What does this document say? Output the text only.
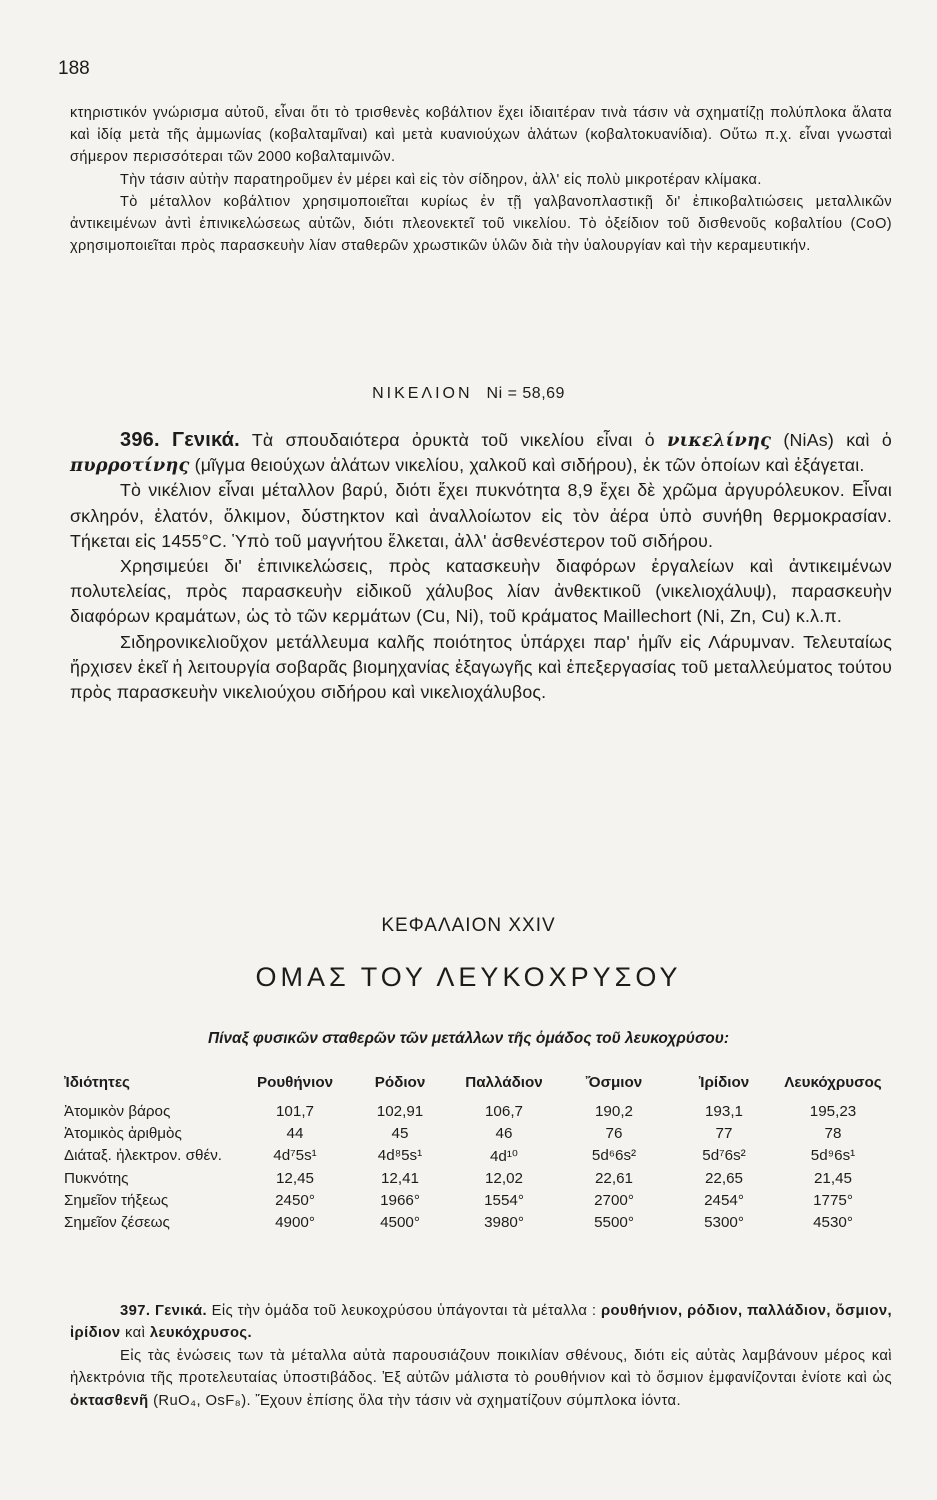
188

κτηριστικόν γνώρισμα αὐτοῦ, εἶναι ὅτι τὸ τρισθενὲς κοβάλτιον ἔχει ἰδιαιτέραν τινὰ τάσιν νὰ σχηματίζῃ πολύπλοκα ἅλατα καὶ ἰδίᾳ μετὰ τῆς ἀμμωνίας (κοβαλταμῖναι) καὶ μετὰ κυανιούχων ἁλάτων (κοβαλτοκυανίδια). Οὕτω π.χ. εἶναι γνωσταὶ σήμερον περισσότεραι τῶν 2000 κοβαλταμινῶν.

Τὴν τάσιν αὐτὴν παρατηροῦμεν ἐν μέρει καὶ εἰς τὸν σίδηρον, ἀλλ' εἰς πολὺ μικροτέραν κλίμακα.

Τὸ μέταλλον κοβάλτιον χρησιμοποιεῖται κυρίως ἐν τῇ γαλβανοπλαστικῇ δι' ἐπικοβαλτιώσεις μεταλλικῶν ἀντικειμένων ἀντὶ ἐπινικελώσεως αὐτῶν, διότι πλεονεκτεῖ τοῦ νικελίου. Τὸ ὀξείδιον τοῦ δισθενοῦς κοβαλτίου (CoO) χρησιμοποιεῖται πρὸς παρασκευὴν λίαν σταθερῶν χρωστικῶν ὑλῶν διὰ τὴν ὑαλουργίαν καὶ τὴν κεραμευτικήν.

ΝΙΚΕΛΙΟΝ Ni = 58,69

396. Γενικά. Τὰ σπουδαιότερα ὀρυκτὰ τοῦ νικελίου εἶναι ὁ νικελίνης (NiAs) καὶ ὁ πυρροτίνης (μῖγμα θειούχων ἁλάτων νικελίου, χαλκοῦ καὶ σιδήρου), ἐκ τῶν ὁποίων καὶ ἐξάγεται.

Τὸ νικέλιον εἶναι μέταλλον βαρύ, διότι ἔχει πυκνότητα 8,9 ἔχει δὲ χρῶμα ἀργυρόλευκον. Εἶναι σκληρόν, ἐλατόν, ὅλκιμον, δύστηκτον καὶ ἀναλλοίωτον εἰς τὸν ἀέρα ὑπὸ συνήθη θερμοκρασίαν. Τήκεται εἰς 1455°C. Ὑπὸ τοῦ μαγνήτου ἕλκεται, ἀλλ' ἀσθενέστερον τοῦ σιδήρου.

Χρησιμεύει δι' ἐπινικελώσεις, πρὸς κατασκευὴν διαφόρων ἐργαλείων καὶ ἀντικειμένων πολυτελείας, πρὸς παρασκευὴν εἰδικοῦ χάλυβος λίαν ἀνθεκτικοῦ (νικελιοχάλυψ), παρασκευὴν διαφόρων κραμάτων, ὡς τὸ τῶν κερμάτων (Cu, Ni), τοῦ κράματος Maillechort (Ni, Zn, Cu) κ.λ.π.

Σιδηρονικελιοῦχον μετάλλευμα καλῆς ποιότητος ὑπάρχει παρ' ἡμῖν εἰς Λάρυμναν. Τελευταίως ἤρχισεν ἐκεῖ ἡ λειτουργία σοβαρᾶς βιομηχανίας ἐξαγωγῆς καὶ ἐπεξεργασίας τοῦ μεταλλεύματος τούτου πρὸς παρασκευὴν νικελιούχου σιδήρου καὶ νικελιοχάλυβος.

ΚΕΦΑΛΑΙΟΝ XXIV
ΟΜΑΣ ΤΟΥ ΛΕΥΚΟΧΡΥΣΟΥ
Πίναξ φυσικῶν σταθερῶν τῶν μετάλλων τῆς ὁμάδος τοῦ λευκοχρύσου:
Ἰδιότητες	Ρουθήνιον	Ρόδιον	Παλλάδιον	Ὄσμιον	Ἰρίδιον	Λευκόχρυσος
Ἀτομικὸν βάρος	101,7	102,91	106,7	190,2	193,1	195,23
Ἀτομικὸς ἀριθμὸς	44	45	46	76	77	78
Διάταξ. ἠλεκτρον. σθέν.	4d⁷5s¹	4d⁸5s¹	4d¹⁰	5d⁶6s²	5d⁷6s²	5d⁹6s¹
Πυκνότης	12,45	12,41	12,02	22,61	22,65	21,45
Σημεῖον τήξεως	2450°	1966°	1554°	2700°	2454°	1775°
Σημεῖον ζέσεως	4900°	4500°	3980°	5500°	5300°	4530°

397. Γενικά. Εἰς τὴν ὁμάδα τοῦ λευκοχρύσου ὑπάγονται τὰ μέταλλα : ρουθήνιον, ρόδιον, παλλάδιον, ὄσμιον, ἰρίδιον καὶ λευκόχρυσος.

Εἰς τὰς ἑνώσεις των τὰ μέταλλα αὐτὰ παρουσιάζουν ποικιλίαν σθένους, διότι εἰς αὐτὰς λαμβάνουν μέρος καὶ ἠλεκτρόνια τῆς προτελευταίας ὑποστιβάδος. Ἐξ αὐτῶν μάλιστα τὸ ρουθήνιον καὶ τὸ ὄσμιον ἐμφανίζονται ἐνίοτε καὶ ὡς ὀκτασθενῆ (RuO₄, OsF₈). Ἔχουν ἐπίσης ὅλα τὴν τάσιν νὰ σχηματίζουν σύμπλοκα ἰόντα.
